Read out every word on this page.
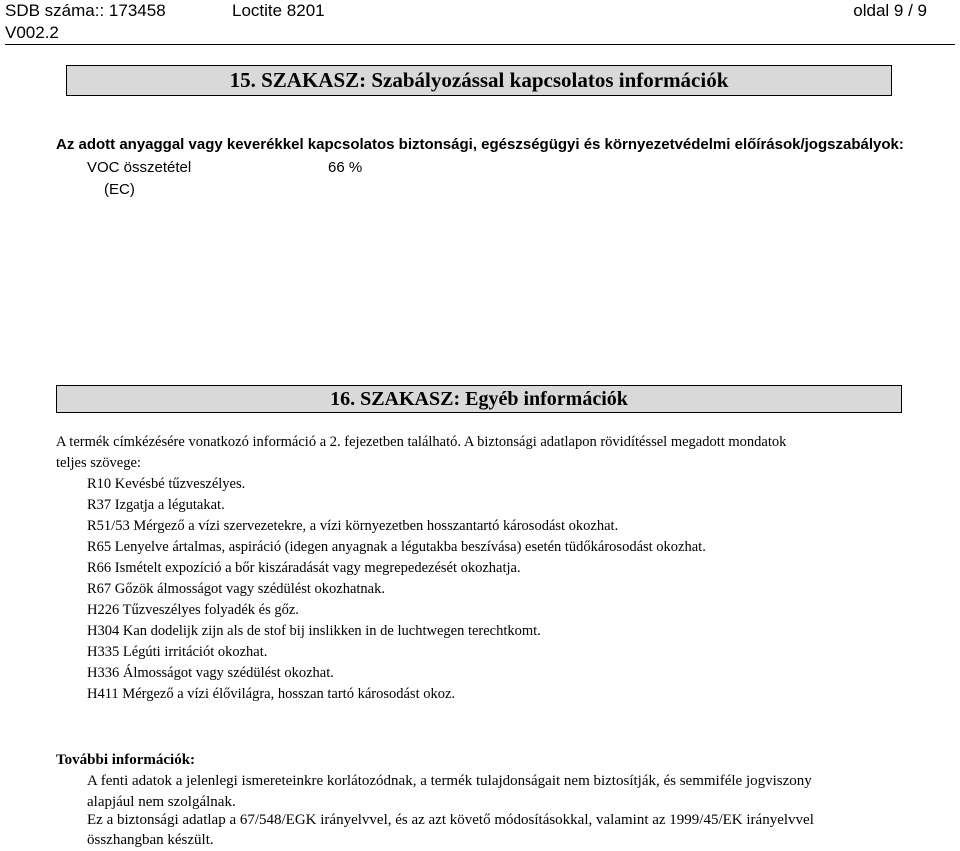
SDB száma:: 173458	Loctite 8201	oldal 9 / 9
V002.2
15. SZAKASZ: Szabályozással kapcsolatos információk
Az adott anyaggal vagy keverékkel kapcsolatos biztonsági, egészségügyi és környezetvédelmi előírások/jogszabályok:
VOC összetétel	66 %
(EC)
16. SZAKASZ: Egyéb információk
A termék címkézésére vonatkozó információ a 2. fejezetben található. A biztonsági adatlapon rövidítéssel megadott mondatok
teljes szövege:
R10 Kevésbé tűzveszélyes.
R37 Izgatja a légutakat.
R51/53 Mérgező a vízi szervezetekre, a vízi környezetben hosszantartó károsodást okozhat.
R65 Lenyelve ártalmas, aspiráció (idegen anyagnak a légutakba beszívása) esetén tüdőkárosodást okozhat.
R66 Ismételt expozíció a bőr kiszáradását vagy megrepedezését okozhatja.
R67 Gőzök álmosságot vagy szédülést okozhatnak.
H226 Tűzveszélyes folyadék és gőz.
H304 Kan dodelijk zijn als de stof bij inslikken in de luchtwegen terechtkomt.
H335 Légúti irritációt okozhat.
H336 Álmosságot vagy szédülést okozhat.
H411 Mérgező a vízi élővilágra, hosszan tartó károsodást okoz.
További információk:
A fenti adatok a jelenlegi ismereteinkre korlátozódnak, a termék tulajdonságait nem biztosítják, és semmiféle jogviszony
alapjául nem szolgálnak.
Ez a biztonsági adatlap a 67/548/EGK irányelvvel, és az azt követő módosításokkal, valamint az 1999/45/EK irányelvvel
összhangban készült.
